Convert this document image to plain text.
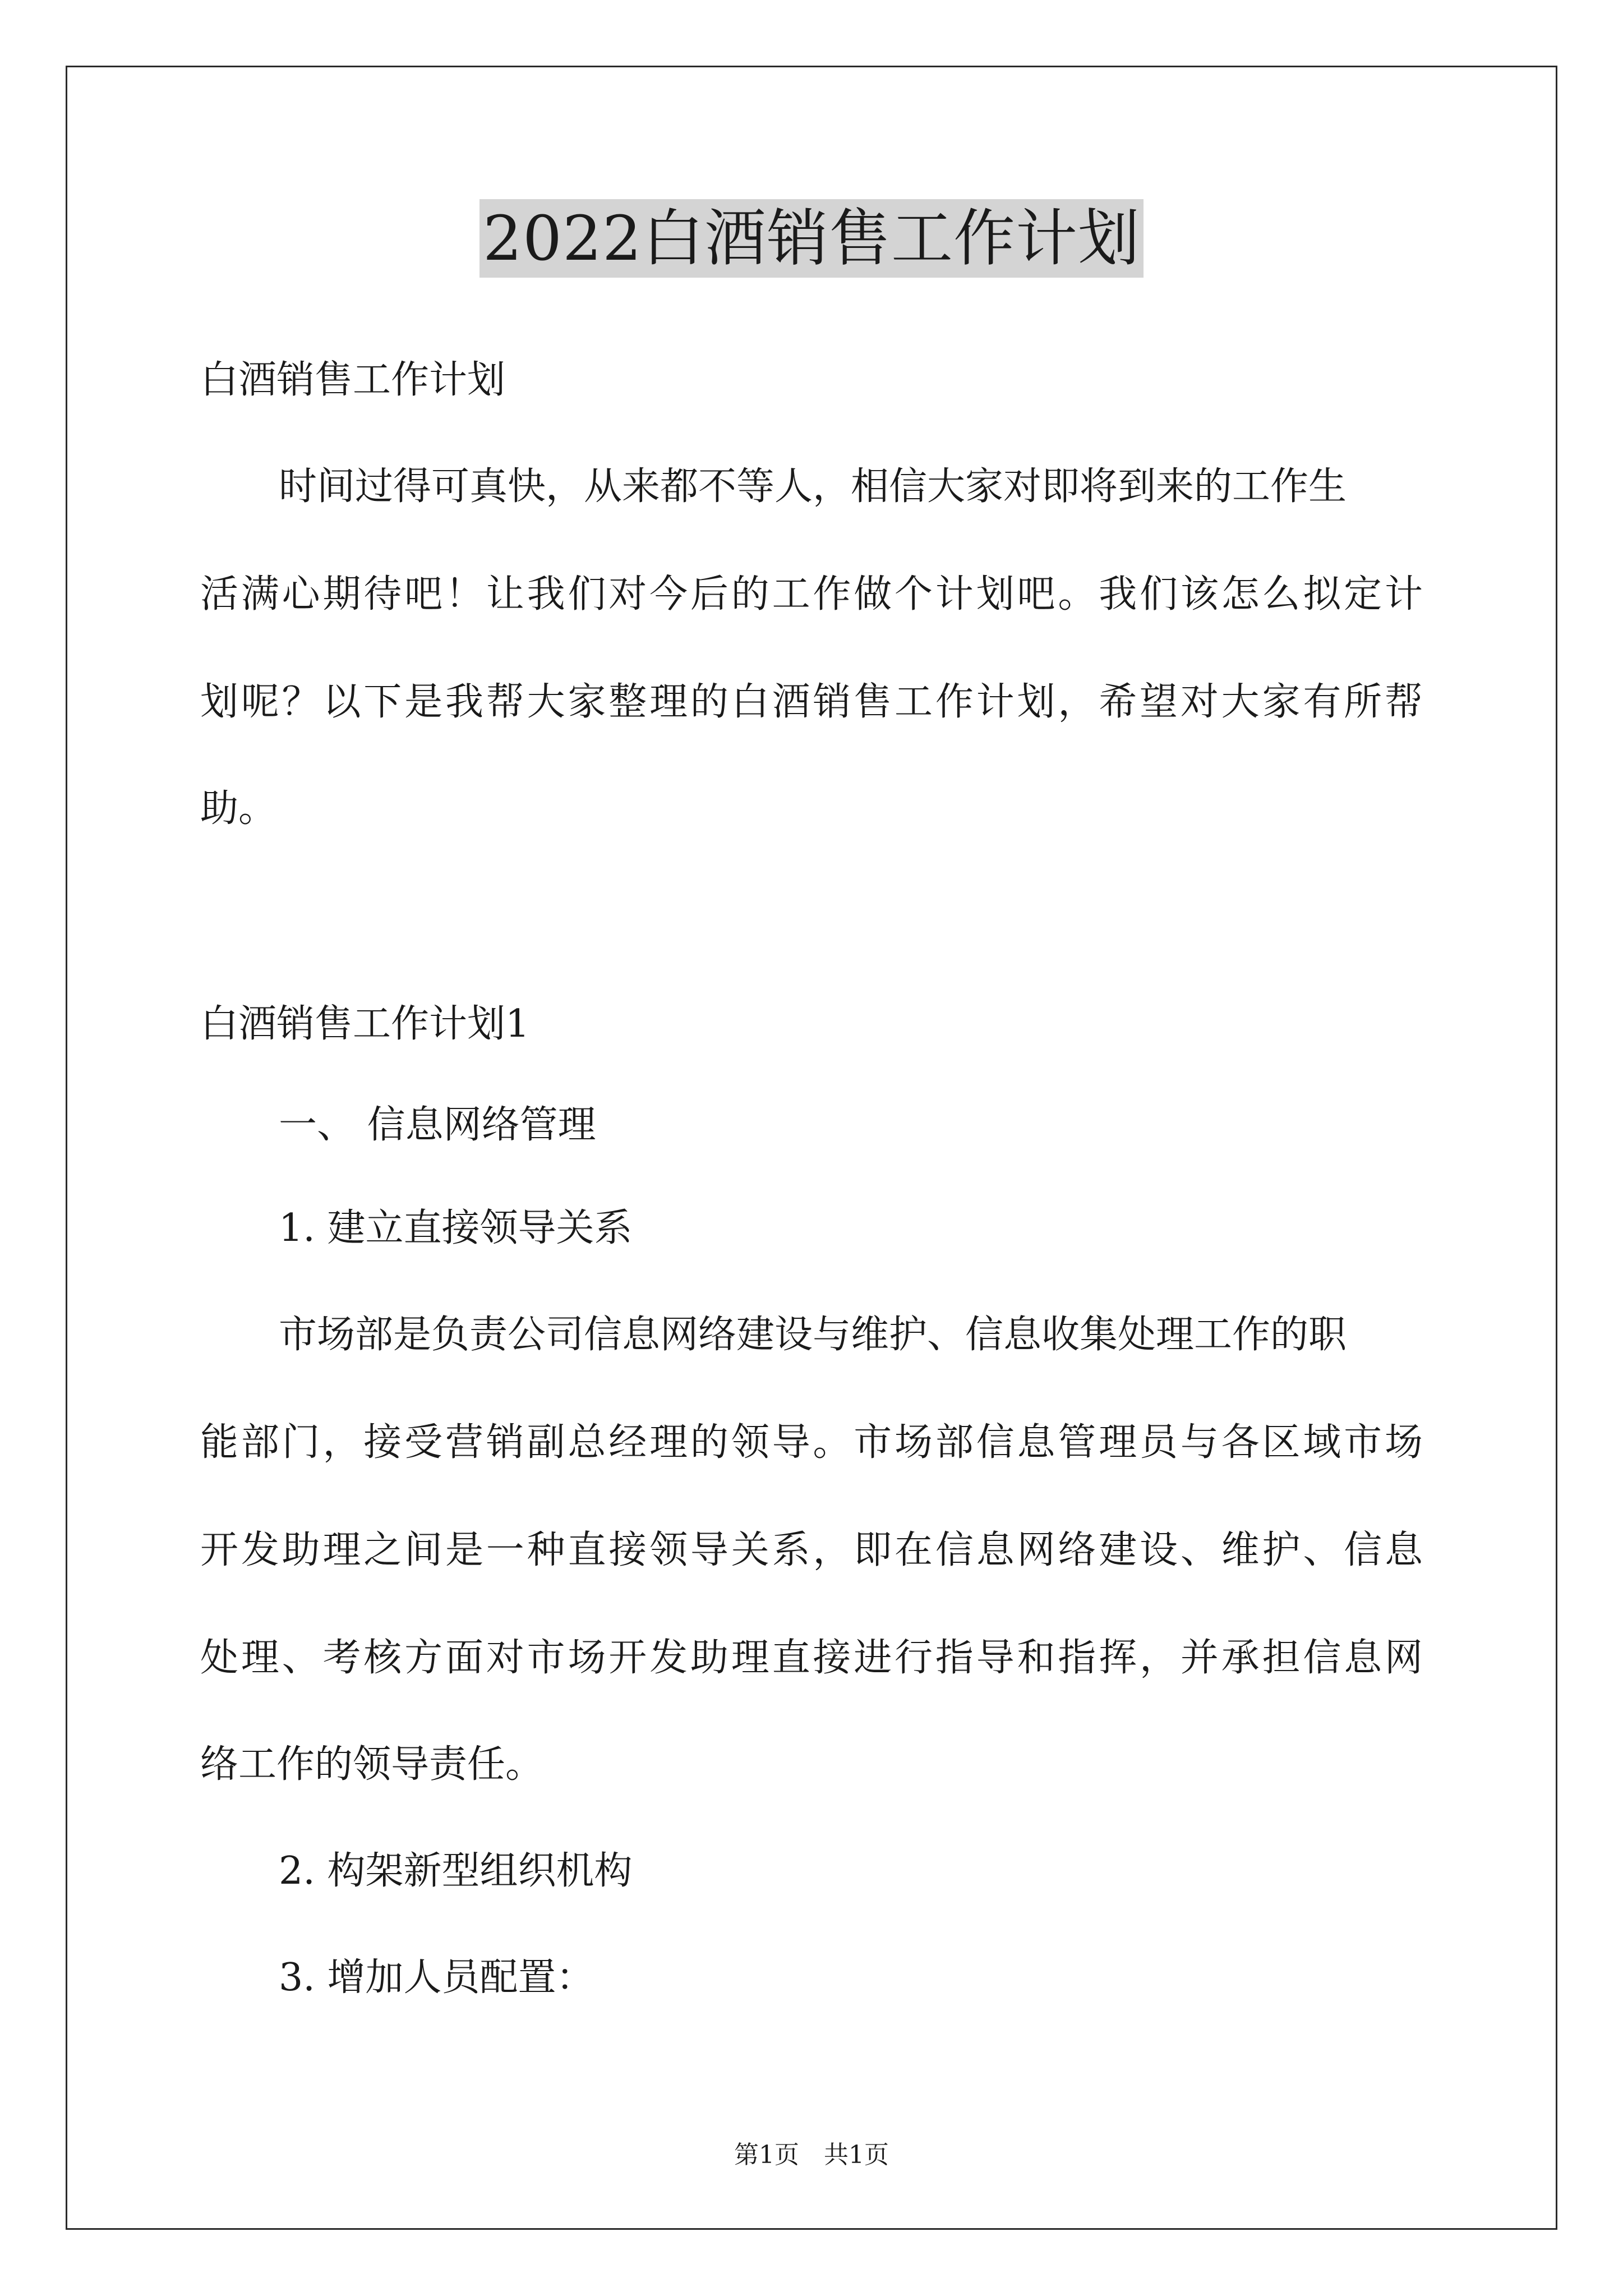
2022白酒销售工作计划
白酒销售工作计划
时间过得可真快，从来都不等人，相信大家对即将到来的工作生
活满心期待吧！让我们对今后的工作做个计划吧。我们该怎么拟定计
划呢？以下是我帮大家整理的白酒销售工作计划，希望对大家有所帮
助。
白酒销售工作计划1
一、 信息网络管理
1. 建立直接领导关系
市场部是负责公司信息网络建设与维护、信息收集处理工作的职
能部门，接受营销副总经理的领导。市场部信息管理员与各区域市场
开发助理之间是一种直接领导关系，即在信息网络建设、维护、信息
处理、考核方面对市场开发助理直接进行指导和指挥，并承担信息网
络工作的领导责任。
2. 构架新型组织机构
3. 增加人员配置：
第1页　共1页
